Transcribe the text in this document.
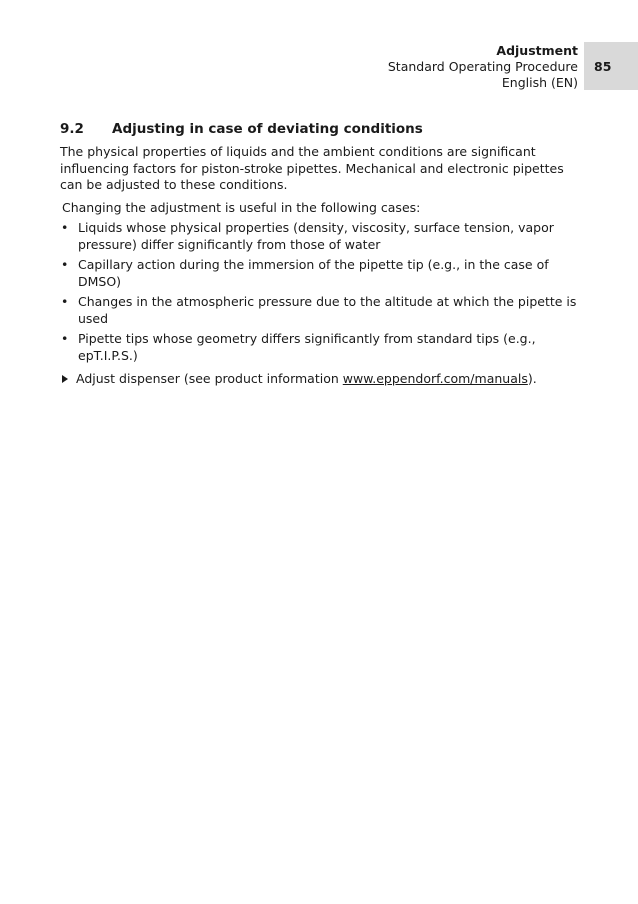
Adjustment
Standard Operating Procedure
English (EN)
85
9.2	Adjusting in case of deviating conditions

The physical properties of liquids and the ambient conditions are significant influencing factors for piston-stroke pipettes. Mechanical and electronic pipettes can be adjusted to these conditions.

Changing the adjustment is useful in the following cases:

• Liquids whose physical properties (density, viscosity, surface tension, vapor pressure) differ significantly from those of water
• Capillary action during the immersion of the pipette tip (e.g., in the case of DMSO)
• Changes in the atmospheric pressure due to the altitude at which the pipette is used
• Pipette tips whose geometry differs significantly from standard tips (e.g., epT.I.P.S.)
Adjust dispenser (see product information www.eppendorf.com/manuals).
